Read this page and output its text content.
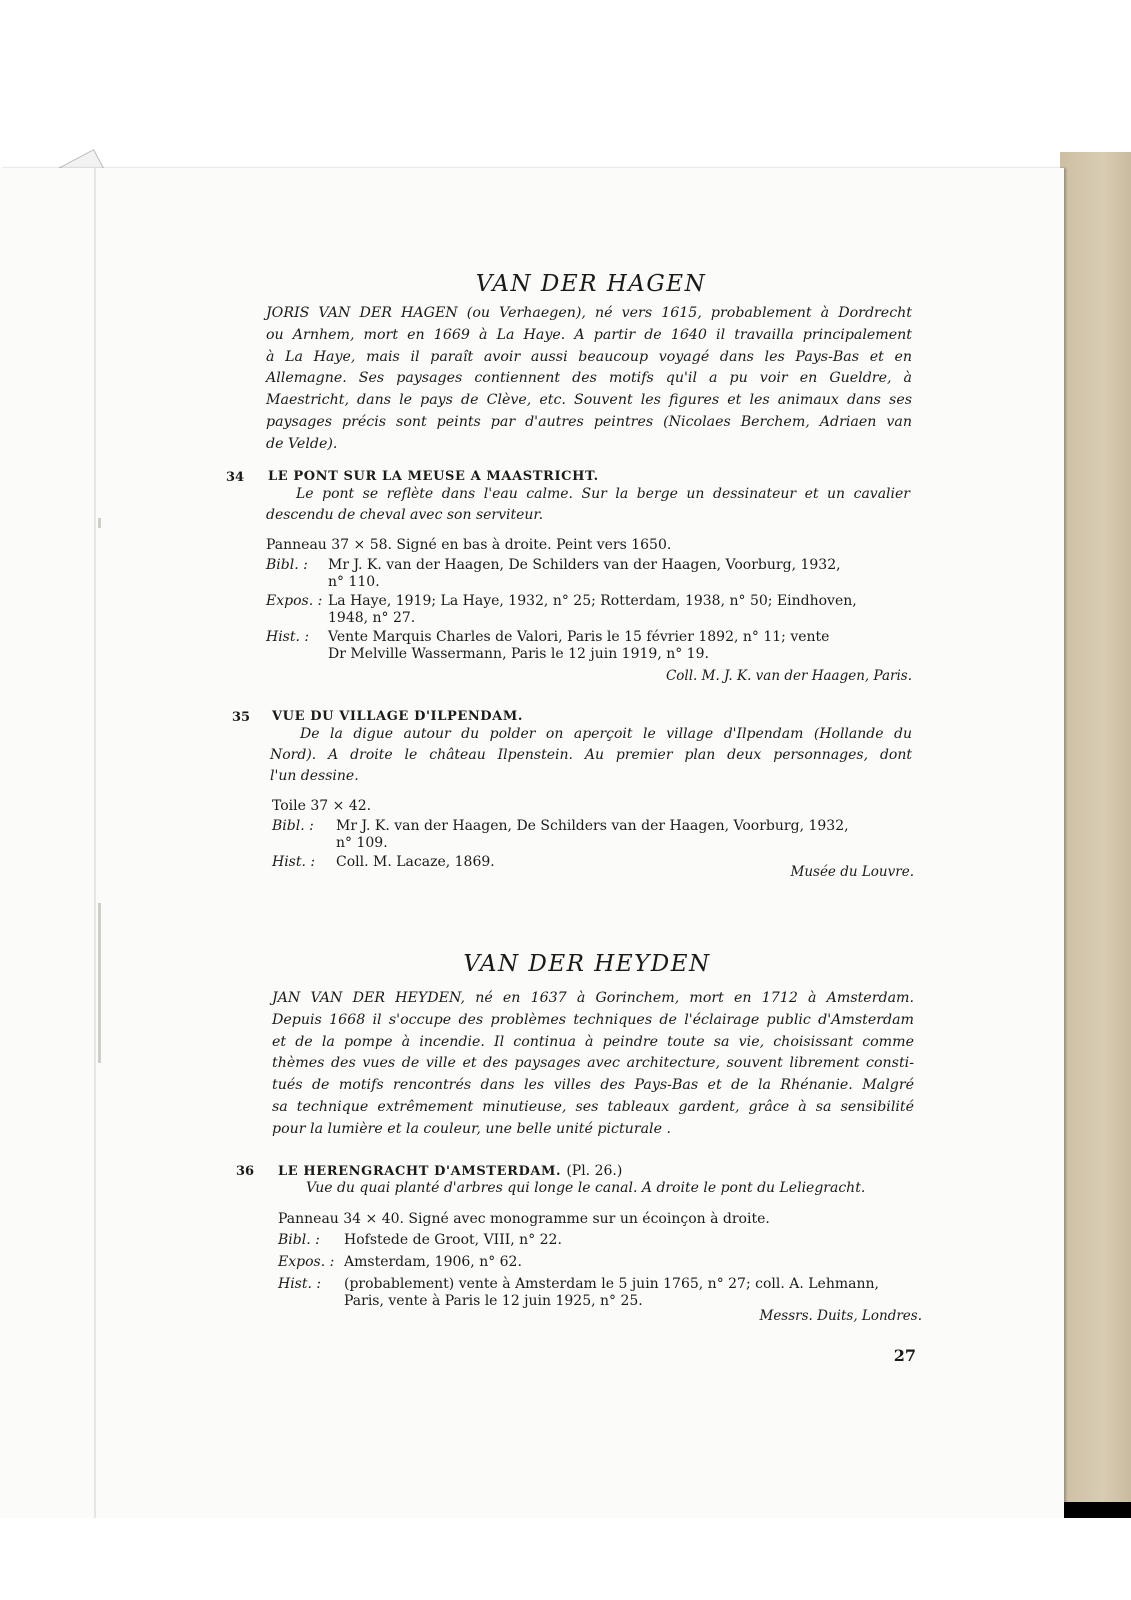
VAN DER HAGEN
JORIS VAN DER HAGEN (ou Verhaegen), né vers 1615, probablement à Dordrecht
ou Arnhem, mort en 1669 à La Haye. A partir de 1640 il travailla principalement
à La Haye, mais il paraît avoir aussi beaucoup voyagé dans les Pays-Bas et en
Allemagne. Ses paysages contiennent des motifs qu'il a pu voir en Gueldre, à
Maestricht, dans le pays de Clève, etc. Souvent les figures et les animaux dans ses
paysages précis sont peints par d'autres peintres (Nicolaes Berchem, Adriaen van
de Velde).
34 LE PONT SUR LA MEUSE A MAASTRICHT.
Le pont se reflète dans l'eau calme. Sur la berge un dessinateur et un cavalier
descendu de cheval avec son serviteur.
Panneau 37 × 58. Signé en bas à droite. Peint vers 1650.
Bibl. : Mr J. K. van der Haagen, De Schilders van der Haagen, Voorburg, 1932,
n° 110.
Expos. : La Haye, 1919; La Haye, 1932, n° 25; Rotterdam, 1938, n° 50; Eindhoven,
1948, n° 27.
Hist. : Vente Marquis Charles de Valori, Paris le 15 février 1892, n° 11; vente
Dr Melville Wassermann, Paris le 12 juin 1919, n° 19.
Coll. M. J. K. van der Haagen, Paris.
35 VUE DU VILLAGE D'ILPENDAM.
De la digue autour du polder on aperçoit le village d'Ilpendam (Hollande du
Nord). A droite le château Ilpenstein. Au premier plan deux personnages, dont
l'un dessine.
Toile 37 × 42.
Bibl. : Mr J. K. van der Haagen, De Schilders van der Haagen, Voorburg, 1932,
n° 109.
Hist. : Coll. M. Lacaze, 1869.
Musée du Louvre.
VAN DER HEYDEN
JAN VAN DER HEYDEN, né en 1637 à Gorinchem, mort en 1712 à Amsterdam.
Depuis 1668 il s'occupe des problèmes techniques de l'éclairage public d'Amsterdam
et de la pompe à incendie. Il continua à peindre toute sa vie, choisissant comme
thèmes des vues de ville et des paysages avec architecture, souvent librement consti-
tués de motifs rencontrés dans les villes des Pays-Bas et de la Rhénanie. Malgré
sa technique extrêmement minutieuse, ses tableaux gardent, grâce à sa sensibilité
pour la lumière et la couleur, une belle unité picturale .
36 LE HERENGRACHT D'AMSTERDAM. (Pl. 26.)
Vue du quai planté d'arbres qui longe le canal. A droite le pont du Leliegracht.
Panneau 34 × 40. Signé avec monogramme sur un écoinçon à droite.
Bibl. : Hofstede de Groot, VIII, n° 22.
Expos. : Amsterdam, 1906, n° 62.
Hist. : (probablement) vente à Amsterdam le 5 juin 1765, n° 27; coll. A. Lehmann,
Paris, vente à Paris le 12 juin 1925, n° 25.
Messrs. Duits, Londres.
27
